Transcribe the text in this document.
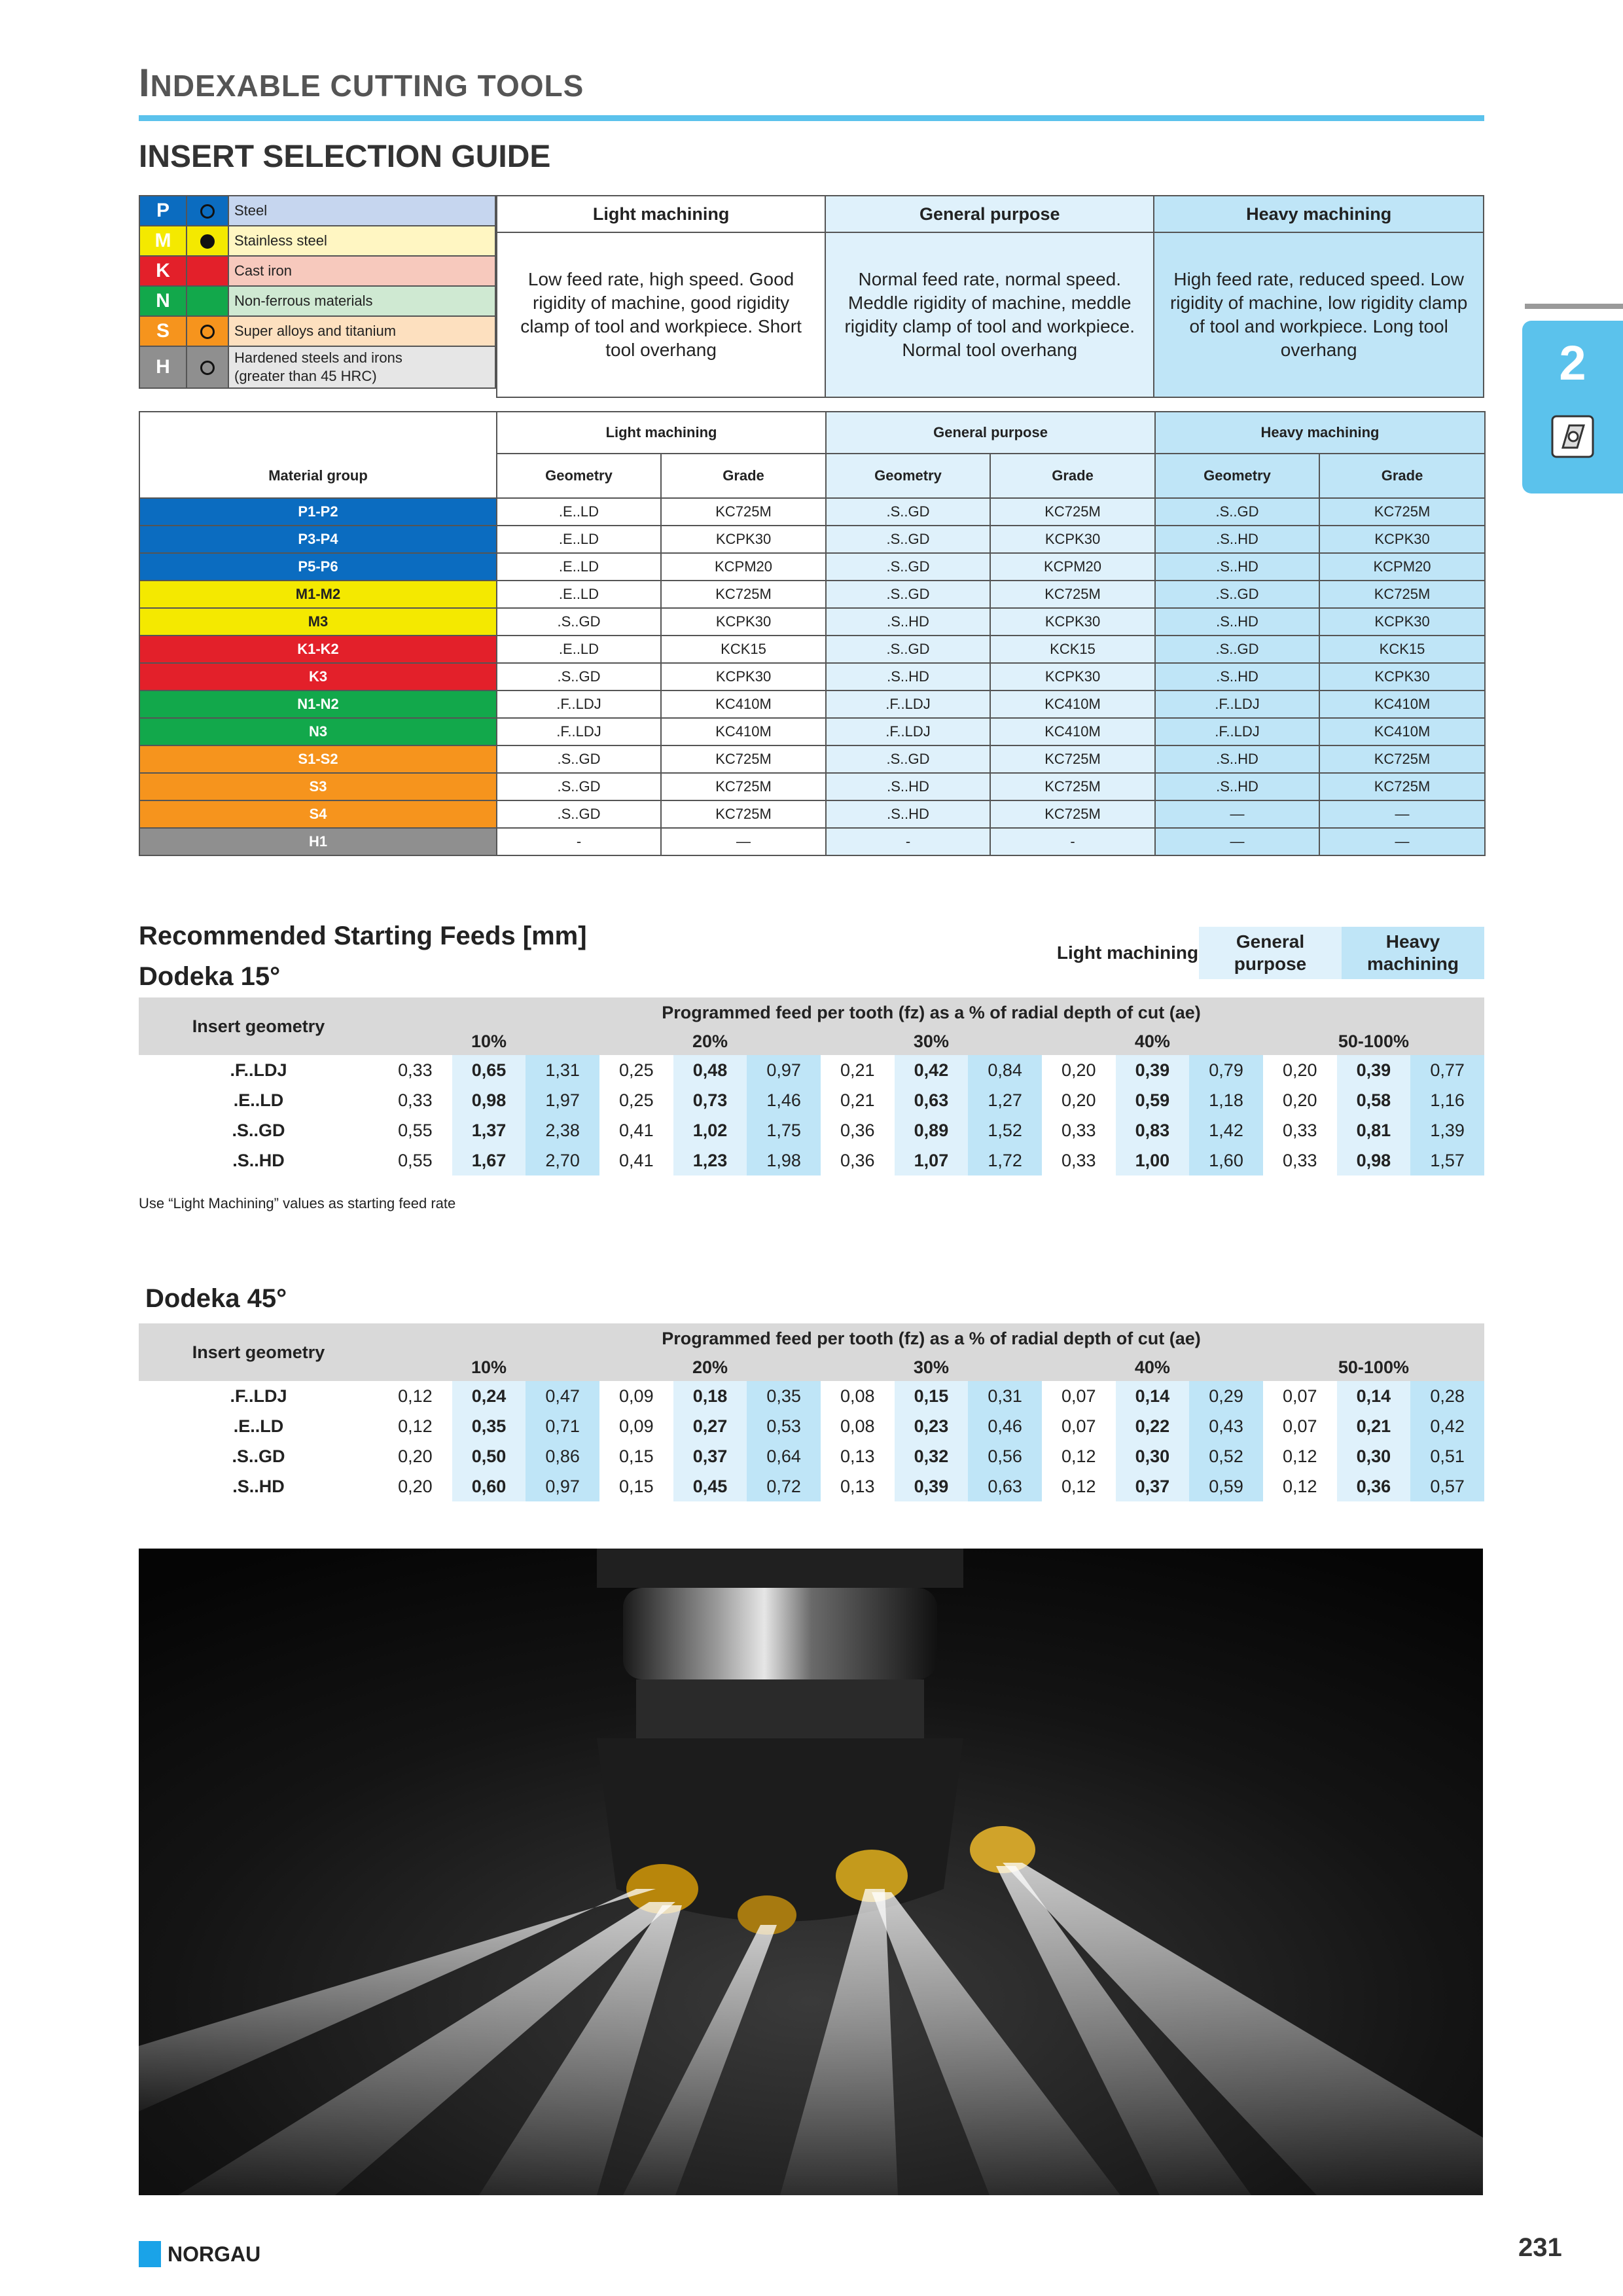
INDEXABLE CUTTING TOOLS
INSERT SELECTION GUIDE
2
P		Steel
M		Stainless steel
K		Cast iron
N		Non-ferrous materials
S		Super alloys and titanium
H		Hardened steels and irons
(greater than 45 HRC)
Light machining	General purpose	Heavy machining
Low feed rate, high speed. Good rigidity of machine, good rigidity clamp of tool and workpiece. Short tool overhang	Normal feed rate, normal speed. Meddle rigidity of machine, meddle rigidity clamp of tool and workpiece. Normal tool overhang	High feed rate, reduced speed. Low rigidity of machine, low rigidity clamp of tool and workpiece. Long tool overhang
Material group	Light machining		General purpose		Heavy machining	
	Geometry	Grade	Geometry	Grade	Geometry	Grade
P1-P2	.E..LD	KC725M	.S..GD	KC725M	.S..GD	KC725M
P3-P4	.E..LD	KCPK30	.S..GD	KCPK30	.S..HD	KCPK30
P5-P6	.E..LD	KCPM20	.S..GD	KCPM20	.S..HD	KCPM20
M1-M2	.E..LD	KC725M	.S..GD	KC725M	.S..GD	KC725M
M3	.S..GD	KCPK30	.S..HD	KCPK30	.S..HD	KCPK30
K1-K2	.E..LD	KCK15	.S..GD	KCK15	.S..GD	KCK15
K3	.S..GD	KCPK30	.S..HD	KCPK30	.S..HD	KCPK30
N1-N2	.F..LDJ	KC410M	.F..LDJ	KC410M	.F..LDJ	KC410M
N3	.F..LDJ	KC410M	.F..LDJ	KC410M	.F..LDJ	KC410M
S1-S2	.S..GD	KC725M	.S..GD	KC725M	.S..HD	KC725M
S3	.S..GD	KC725M	.S..HD	KC725M	.S..HD	KC725M
S4	.S..GD	KC725M	.S..HD	KC725M	—	—
H1	-	—	-	-	—	—
Recommended Starting Feeds [mm]
Dodeka 15°
Light machining
General purpose
Heavy machining
Insert geometry	Programmed feed per tooth (fz) as a % of radial depth of cut (ae)														
	10%			20%			30%			40%			50-100%		
.F..LDJ	0,33	0,65	1,31	0,25	0,48	0,97	0,21	0,42	0,84	0,20	0,39	0,79	0,20	0,39	0,77
.E..LD	0,33	0,98	1,97	0,25	0,73	1,46	0,21	0,63	1,27	0,20	0,59	1,18	0,20	0,58	1,16
.S..GD	0,55	1,37	2,38	0,41	1,02	1,75	0,36	0,89	1,52	0,33	0,83	1,42	0,33	0,81	1,39
.S..HD	0,55	1,67	2,70	0,41	1,23	1,98	0,36	1,07	1,72	0,33	1,00	1,60	0,33	0,98	1,57
Use “Light Machining” values as starting feed rate
Dodeka 45°
Insert geometry	Programmed feed per tooth (fz) as a % of radial depth of cut (ae)														
	10%			20%			30%			40%			50-100%		
.F..LDJ	0,12	0,24	0,47	0,09	0,18	0,35	0,08	0,15	0,31	0,07	0,14	0,29	0,07	0,14	0,28
.E..LD	0,12	0,35	0,71	0,09	0,27	0,53	0,08	0,23	0,46	0,07	0,22	0,43	0,07	0,21	0,42
.S..GD	0,20	0,50	0,86	0,15	0,37	0,64	0,13	0,32	0,56	0,12	0,30	0,52	0,12	0,30	0,51
.S..HD	0,20	0,60	0,97	0,15	0,45	0,72	0,13	0,39	0,63	0,12	0,37	0,59	0,12	0,36	0,57
NORGAU	231
